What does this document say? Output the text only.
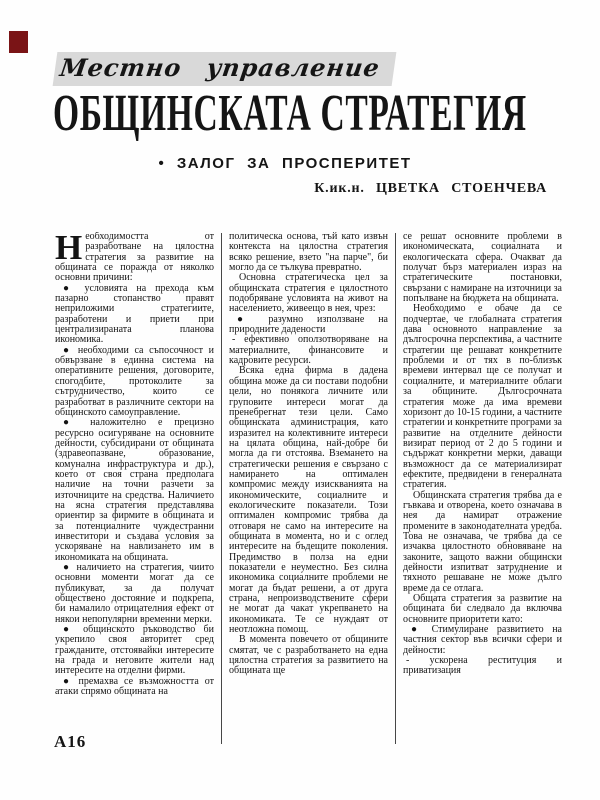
Местно управление
ОБЩИНСКАТА СТРАТЕГИЯ
• ЗАЛОГ ЗА ПРОСПЕРИТЕТ
К.ик.н. ЦВЕТКА СТОЕНЧЕВА

Необходимостта от разработване на цялостна стратегия за развитие на общината се поражда от няколко основни причини:

● условията на прехода към пазарно стопанство правят неприложими стратегиите, разработени и приети при централизираната планова икономика.

● необходими са съпосочност и обвързване в единна система на оперативните решения, договорите, спогодбите, протоколите за сътрудничество, които се разработват в различните сектори на общинското самоуправление.

● наложително е прецизно ресурсно осигуряване на основните дейности, субсидирани от общината (здравеопазване, образование, комунална инфраструктура и др.), което от своя страна предполага наличие на точни разчети за източниците на средства. Наличието на ясна стратегия представлява ориентир за фирмите в общината и за потенциалните чуждестранни инвеститори и създава условия за ускоряване на навлизането им в икономиката на общината.

● наличието на стратегия, чиито основни моменти могат да се публикуват, за да получат обществено достояние и подкрепа, би намалило отрицателния ефект от някои непопулярни временни мерки.

● общинското ръководство би укрепило своя авторитет сред гражданите, отстоявайки интересите на града и неговите жители над интересите на отделни фирми.

● премахва се възможността от атаки спрямо общината на

политическа основа, тъй като извън контекста на цялостна стратегия всяко решение, взето "на парче", би могло да се тълкува превратно.

Основна стратегическа цел за общинската стратегия е цялостното подобряване условията на живот на населението, живеещо в нея, чрез:

● разумно използване на природните дадености

- ефективно оползотворяване на материалните, финансовите и кадровите ресурси.

Всяка една фирма в дадена община може да си постави подобни цели, но понякога личните или груповите интереси могат да пренебрегнат тези цели. Само общинската администрация, като изразител на колективните интереси на цялата община, най-добре би могла да ги отстоява. Вземането на стратегически решения е свързано с намирането на оптимален компромис между изискванията на икономическите, социалните и екологическите показатели. Този оптимален компромис трябва да отговаря не само на интересите на общината в момента, но и с оглед интересите на бъдещите поколения. Предимство в полза на едни показатели е неуместно. Без силна икономика социалните проблеми не могат да бъдат решени, а от друга страна, непроизводствените сфери не могат да чакат укрепването на икономиката. Те се нуждаят от неотложна помощ.

В момента повечето от общините смятат, че с разработването на една цялостна стратегия за развитието на общината ще

се решат основните проблеми в икономическата, социалната и екологическата сфера. Очакват да получат бърз материален израз на стратегическите постановки, свързани с намиране на източници за попълване на бюджета на общината.

Необходимо е обаче да се подчертае, че глобалната стратегия дава основното направление за дългосрочна перспектива, а частните стратегии ще решават конкретните проблеми и от тях в по-близък времеви интервал ще се получат и социалните, и материалните облаги за общините. Дългосрочната стратегия може да има времеви хоризонт до 10-15 години, а частните стратегии и конкретните програми за развитие на отделните дейности визират период от 2 до 5 години и съдържат конкретни мерки, даващи възможност да се материализират ефектите, предвидени в генералната стратегия.

Общинската стратегия трябва да е гъвкава и отворена, което означава в нея да намират отражение промените в законодателната уредба. Това не означава, че трябва да се изчаква цялостното обновяване на законите, защото важни общински дейности изпитват затруднение и тяхното решаване не може дълго време да се отлага.

Общата стратегия за развитие на общината би следвало да включва основните приоритети като:

● Стимулиране развитието на частния сектор във всички сфери и дейности:

- ускорена реституция и приватизация

А16
